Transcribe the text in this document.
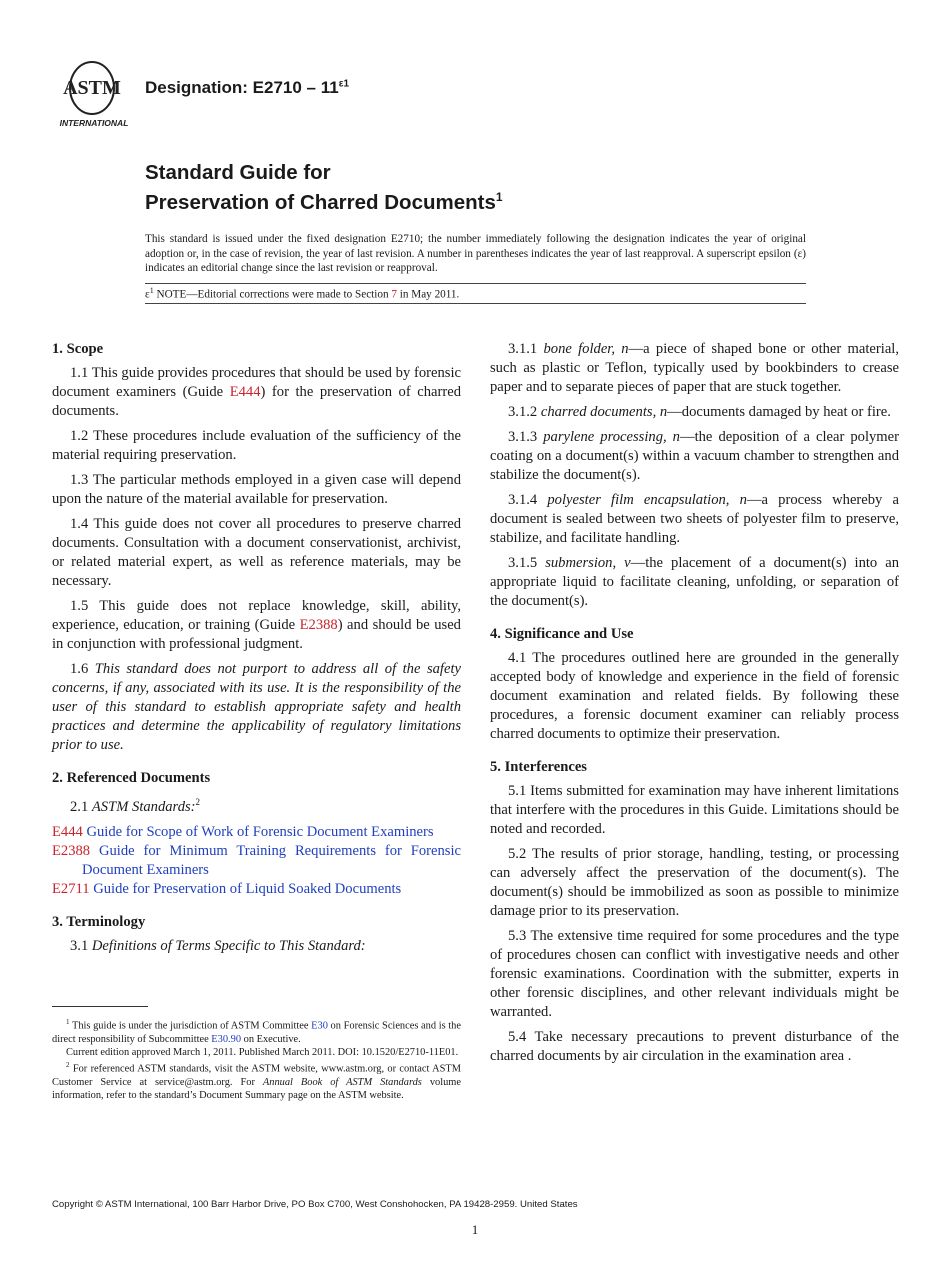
ASTM
INTERNATIONAL
Designation: $E2710 - 11^{\varepsilon 1}$
Standard Guide for
Preservation of Charred Documents$^1$
This standard is issued under the fixed designation E2710; the number immediately following the designation indicates the year of original adoption or, in the case of revision, the year of last revision. A number in parentheses indicates the year of last reapproval. A superscript epsilon (ε) indicates an editorial change since the last revision or reapproval.
$\varepsilon^1$ NOTE—Editorial corrections were made to Section 7 in May 2011.
1. Scope

1.1 This guide provides procedures that should be used by forensic document examiners (Guide E444) for the preservation of charred documents.

1.2 These procedures include evaluation of the sufficiency of the material requiring preservation.

1.3 The particular methods employed in a given case will depend upon the nature of the material available for preservation.

1.4 This guide does not cover all procedures to preserve charred documents. Consultation with a document conservationist, archivist, or related material expert, as well as reference materials, may be necessary.

1.5 This guide does not replace knowledge, skill, ability, experience, education, or training (Guide E2388) and should be used in conjunction with professional judgment.

1.6 This standard does not purport to address all of the safety concerns, if any, associated with its use. It is the responsibility of the user of this standard to establish appropriate safety and health practices and determine the applicability of regulatory limitations prior to use.

2. Referenced Documents

2.1 ASTM Standards:$^2$

E444 Guide for Scope of Work of Forensic Document Examiners
E2388 Guide for Minimum Training Requirements for Forensic Document Examiners
E2711 Guide for Preservation of Liquid Soaked Documents
3. Terminology

3.1 Definitions of Terms Specific to This Standard:

$^1$ This guide is under the jurisdiction of ASTM Committee E30 on Forensic Sciences and is the direct responsibility of Subcommittee E30.90 on Executive.

Current edition approved March 1, 2011. Published March 2011. DOI: 10.1520/E2710-11E01.

$^2$ For referenced ASTM standards, visit the ASTM website, www.astm.org, or contact ASTM Customer Service at service@astm.org. For Annual Book of ASTM Standards volume information, refer to the standard’s Document Summary page on the ASTM website.

3.1.1 bone folder, n—a piece of shaped bone or other material, such as plastic or Teflon, typically used by bookbinders to crease paper and to separate pieces of paper that are stuck together.

3.1.2 charred documents, n—documents damaged by heat or fire.

3.1.3 parylene processing, n—the deposition of a clear polymer coating on a document(s) within a vacuum chamber to strengthen and stabilize the document(s).

3.1.4 polyester film encapsulation, n—a process whereby a document is sealed between two sheets of polyester film to preserve, stabilize, and facilitate handling.

3.1.5 submersion, v—the placement of a document(s) into an appropriate liquid to facilitate cleaning, unfolding, or separation of the document(s).

4. Significance and Use

4.1 The procedures outlined here are grounded in the generally accepted body of knowledge and experience in the field of forensic document examination and related fields. By following these procedures, a forensic document examiner can reliably process charred documents to optimize their preservation.

5. Interferences

5.1 Items submitted for examination may have inherent limitations that interfere with the procedures in this Guide. Limitations should be noted and recorded.

5.2 The results of prior storage, handling, testing, or processing can adversely affect the preservation of the document(s). The document(s) should be immobilized as soon as possible to minimize damage prior to its preservation.

5.3 The extensive time required for some procedures and the type of procedures chosen can conflict with investigative needs and other forensic examinations. Coordination with the submitter, experts in other forensic disciplines, and other relevant individuals might be warranted.

5.4 Take necessary precautions to prevent disturbance of the charred documents by air circulation in the examination area .

Copyright © ASTM International, 100 Barr Harbor Drive, PO Box C700, West Conshohocken, PA 19428-2959. United States
1
